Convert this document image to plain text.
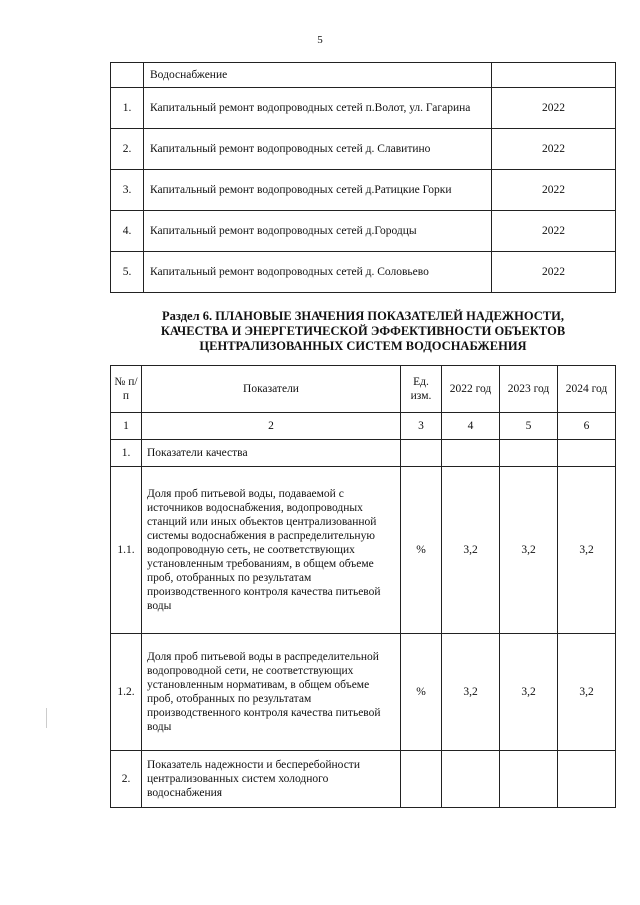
5
	Водоснабжение	
1.	Капитальный ремонт водопроводных сетей п.Волот, ул. Гагарина	2022
2.	Капитальный ремонт водопроводных сетей д. Славитино	2022
3.	Капитальный ремонт водопроводных сетей д.Ратицкие Горки	2022
4.	Капитальный ремонт водопроводных сетей д.Городцы	2022
5.	Капитальный ремонт водопроводных сетей д. Соловьево	2022
Раздел 6. ПЛАНОВЫЕ ЗНАЧЕНИЯ ПОКАЗАТЕЛЕЙ НАДЕЖНОСТИ,
КАЧЕСТВА И ЭНЕРГЕТИЧЕСКОЙ ЭФФЕКТИВНОСТИ ОБЪЕКТОВ
ЦЕНТРАЛИЗОВАННЫХ СИСТЕМ ВОДОСНАБЖЕНИЯ
№ п/п	Показатели	Ед. изм.	2022 год	2023 год	2024 год
1	2	3	4	5	6
1.	Показатели качества				
1.1.	Доля проб питьевой воды, подаваемой с источников водоснабжения, водопроводных станций или иных объектов централизованной системы водоснабжения в распределительную водопроводную сеть, не соответствующих установленным требованиям, в общем объеме проб, отобранных по результатам производственного контроля качества питьевой воды	%	3,2	3,2	3,2
1.2.	Доля проб питьевой воды в распределительной водопроводной сети, не соответствующих установленным нормативам, в общем объеме проб, отобранных по результатам производственного контроля качества питьевой воды	%	3,2	3,2	3,2
2.	Показатель надежности и бесперебойности централизованных систем холодного водоснабжения				
